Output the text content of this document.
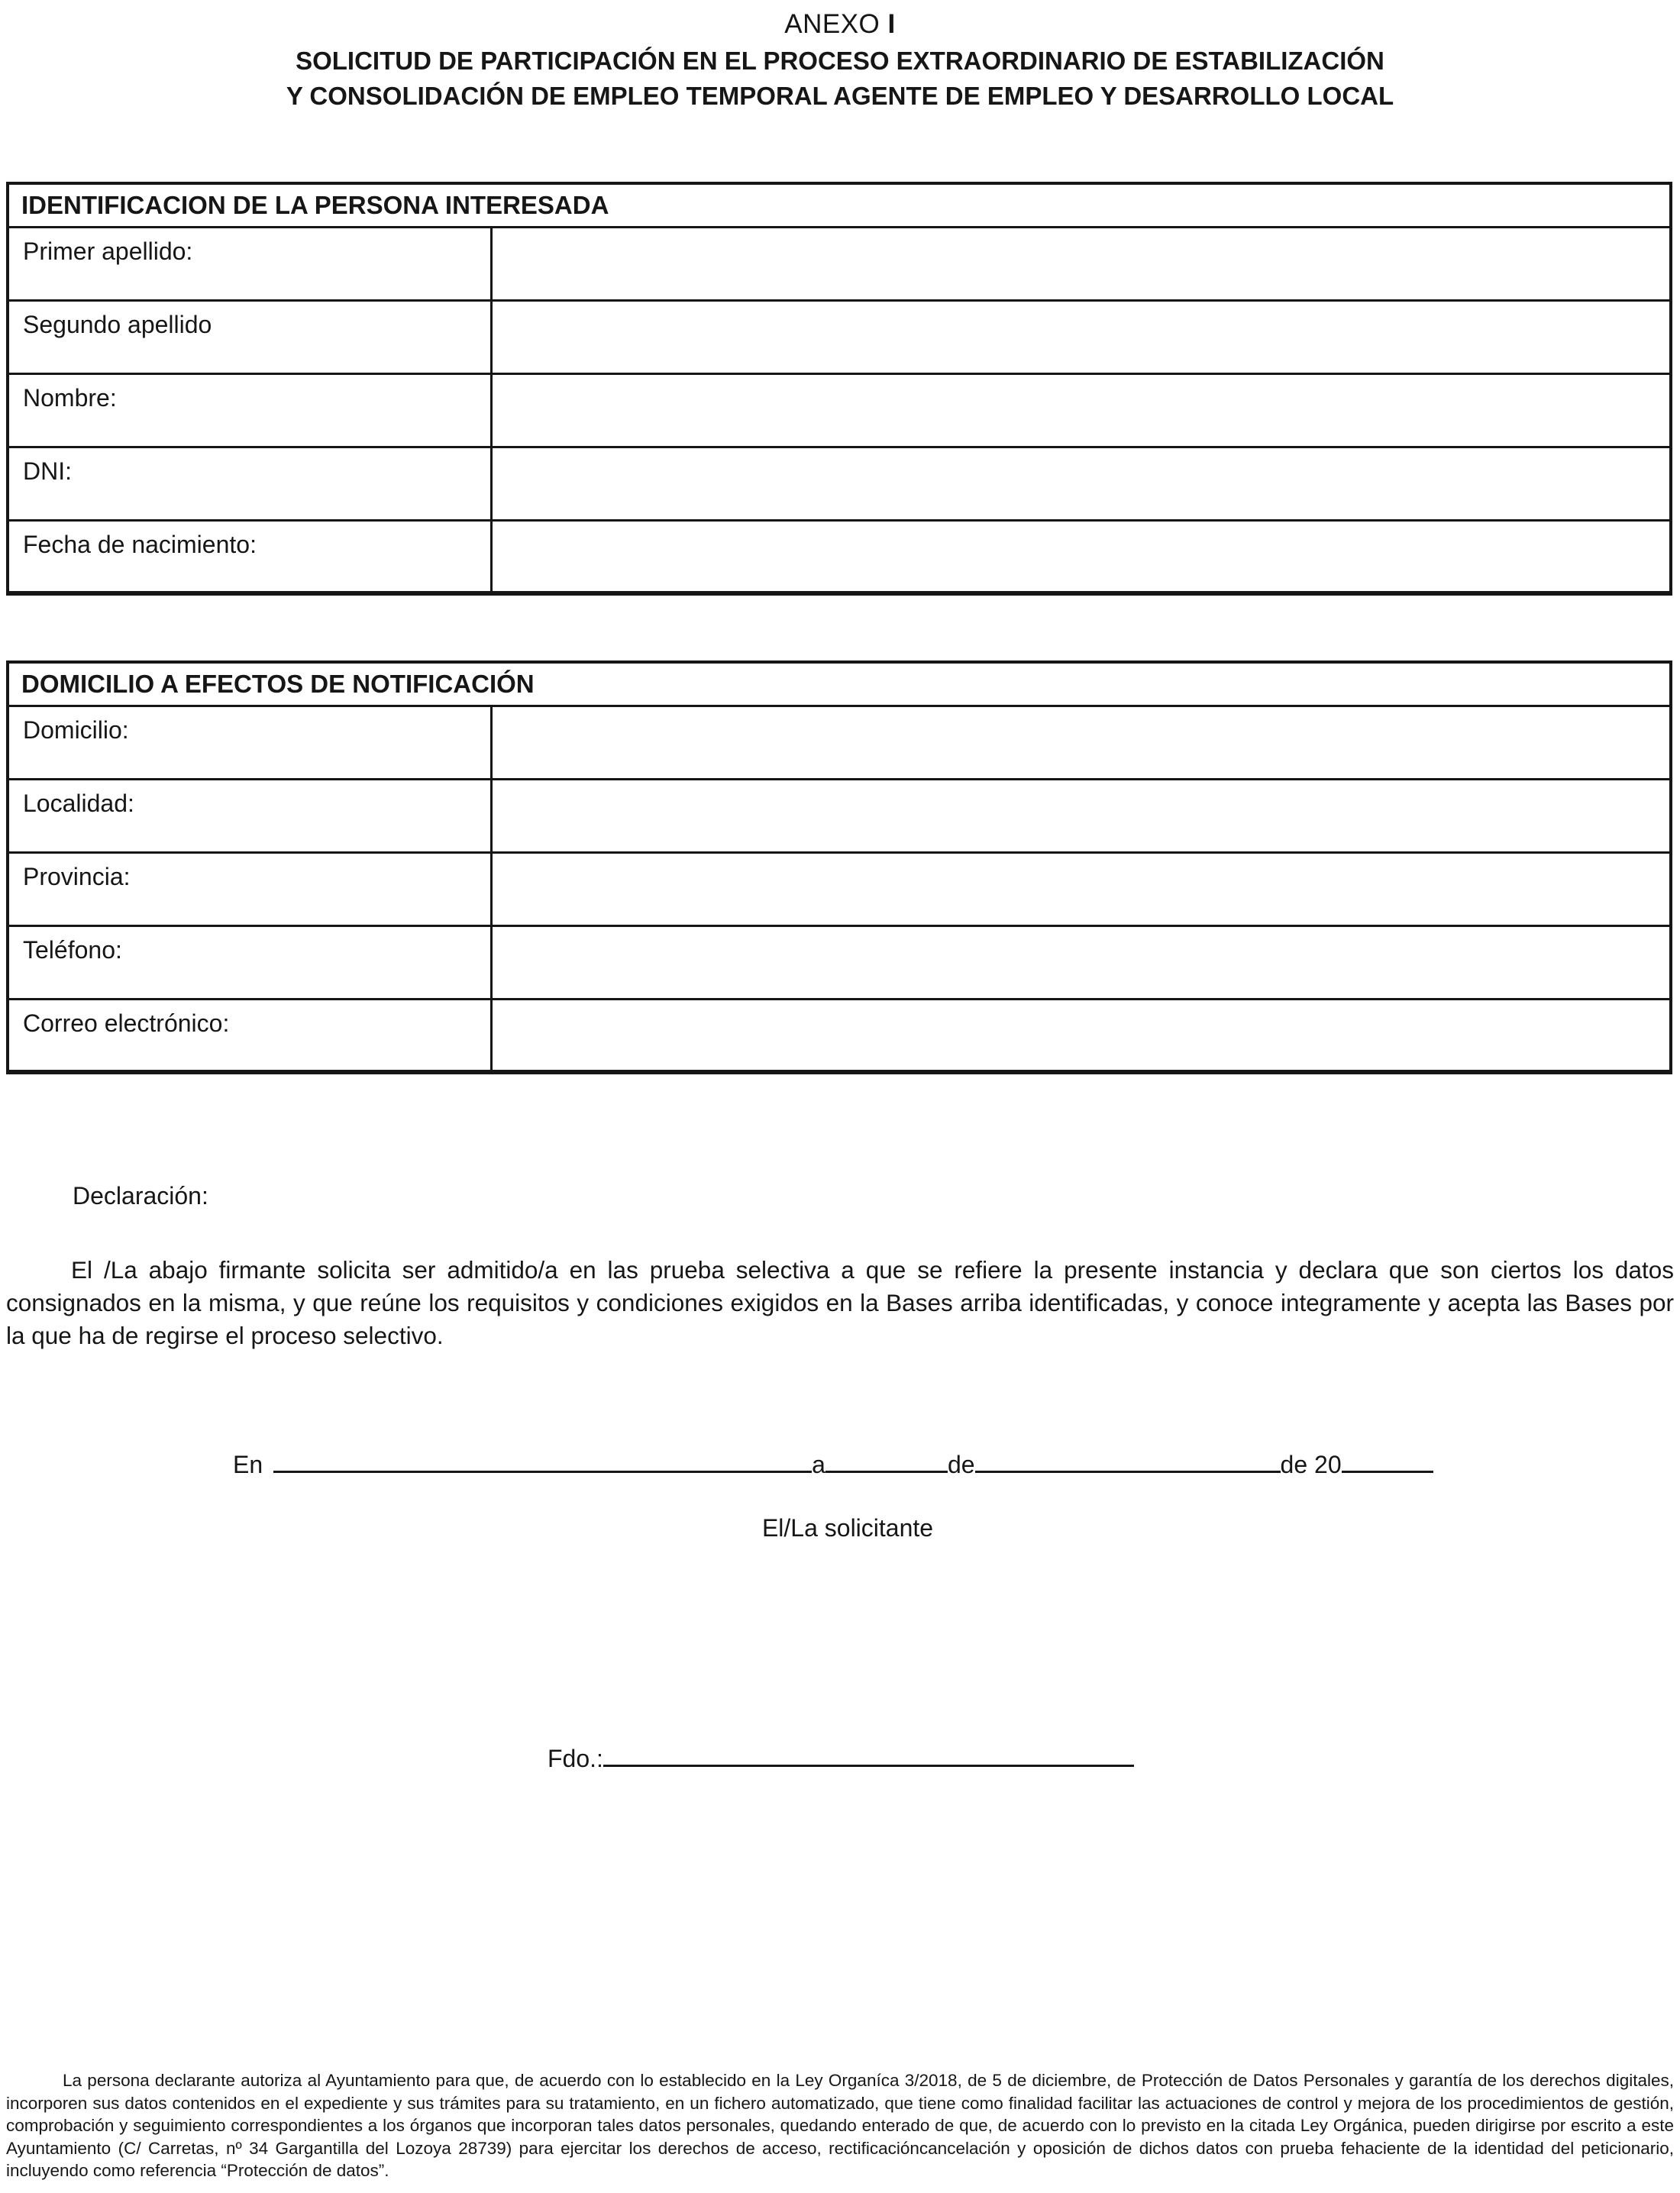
ANEXO I
SOLICITUD DE PARTICIPACIÓN EN EL PROCESO EXTRAORDINARIO DE ESTABILIZACIÓN
Y CONSOLIDACIÓN DE EMPLEO TEMPORAL AGENTE DE EMPLEO Y DESARROLLO LOCAL
IDENTIFICACION DE LA PERSONA INTERESADA	
Primer apellido:	
Segundo apellido	
Nombre:	
DNI:	
Fecha de nacimiento:	
DOMICILIO A EFECTOS DE NOTIFICACIÓN	
Domicilio:	
Localidad:	
Provincia:	
Teléfono:	
Correo electrónico:	
Declaración:

El /La abajo firmante solicita ser admitido/a en las prueba selectiva a que se refiere la presente instancia y declara que son ciertos los datos consignados en la misma, y que reúne los requisitos y condiciones exigidos en la Bases arriba identificadas, y conoce integramente y acepta las Bases por la que ha de regirse el proceso selectivo.

En	a	de	de 20
El/La solicitante
Fdo.:

La persona declarante autoriza al Ayuntamiento para que, de acuerdo con lo establecido en la Ley Organíca 3/2018, de 5 de diciembre, de Protección de Datos Personales y garantía de los derechos digitales, incorporen sus datos contenidos en el expediente y sus trámites para su tratamiento, en un fichero automatizado, que tiene como finalidad facilitar las actuaciones de control y mejora de los procedimientos de gestión, comprobación y seguimiento correspondientes a los órganos que incorporan tales datos personales, quedando enterado de que, de acuerdo con lo previsto en la citada Ley Orgánica, pueden dirigirse por escrito a este Ayuntamiento (C/ Carretas, nº 34 Gargantilla del Lozoya 28739) para ejercitar los derechos de acceso, rectificacióncancelación y oposición de dichos datos con prueba fehaciente de la identidad del peticionario, incluyendo como referencia “Protección de datos”.
